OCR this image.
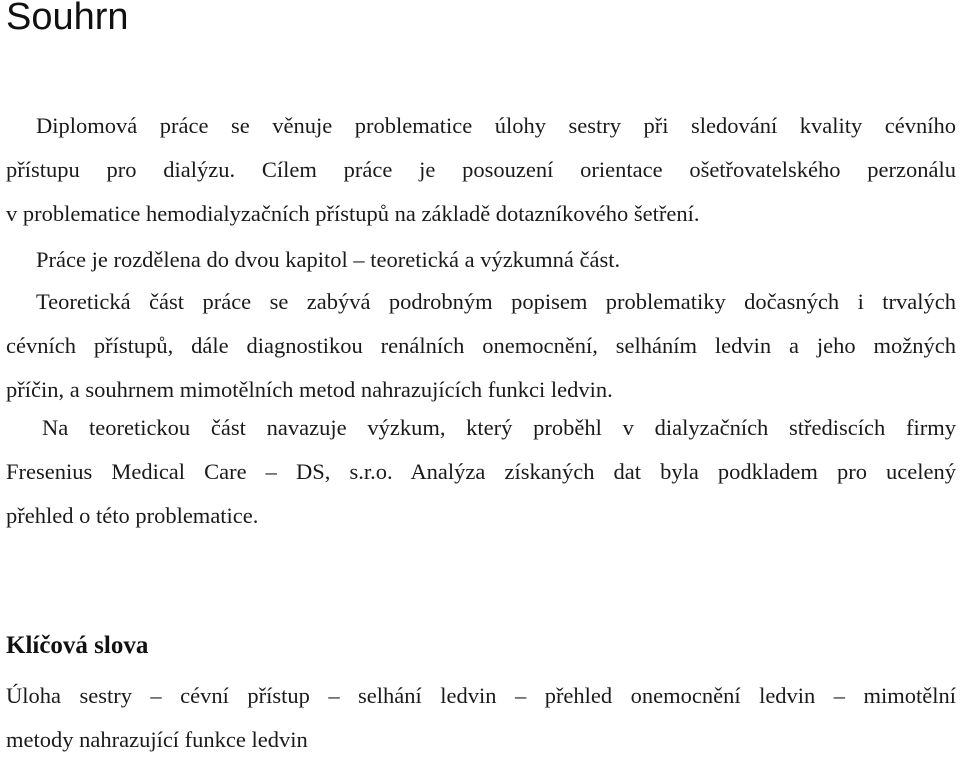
Souhrn
Diplomová práce se věnuje problematice úlohy sestry při sledování kvality cévního
přístupu pro dialýzu. Cílem práce je posouzení orientace ošetřovatelského perzonálu
v problematice hemodialyzačních přístupů na základě dotazníkového šetření.
Práce je rozdělena do dvou kapitol – teoretická a výzkumná část.
Teoretická část práce se zabývá podrobným popisem problematiky dočasných i trvalých
cévních přístupů, dále diagnostikou renálních onemocnění, selháním ledvin a jeho možných
příčin, a souhrnem mimotělních metod nahrazujících funkci ledvin.
Na teoretickou část navazuje výzkum, který proběhl v dialyzačních střediscích firmy
Fresenius Medical Care – DS, s.r.o. Analýza získaných dat byla podkladem pro ucelený
přehled o této problematice.
Klíčová slova
Úloha sestry – cévní přístup – selhání ledvin – přehled onemocnění ledvin – mimotělní
metody nahrazující funkce ledvin
